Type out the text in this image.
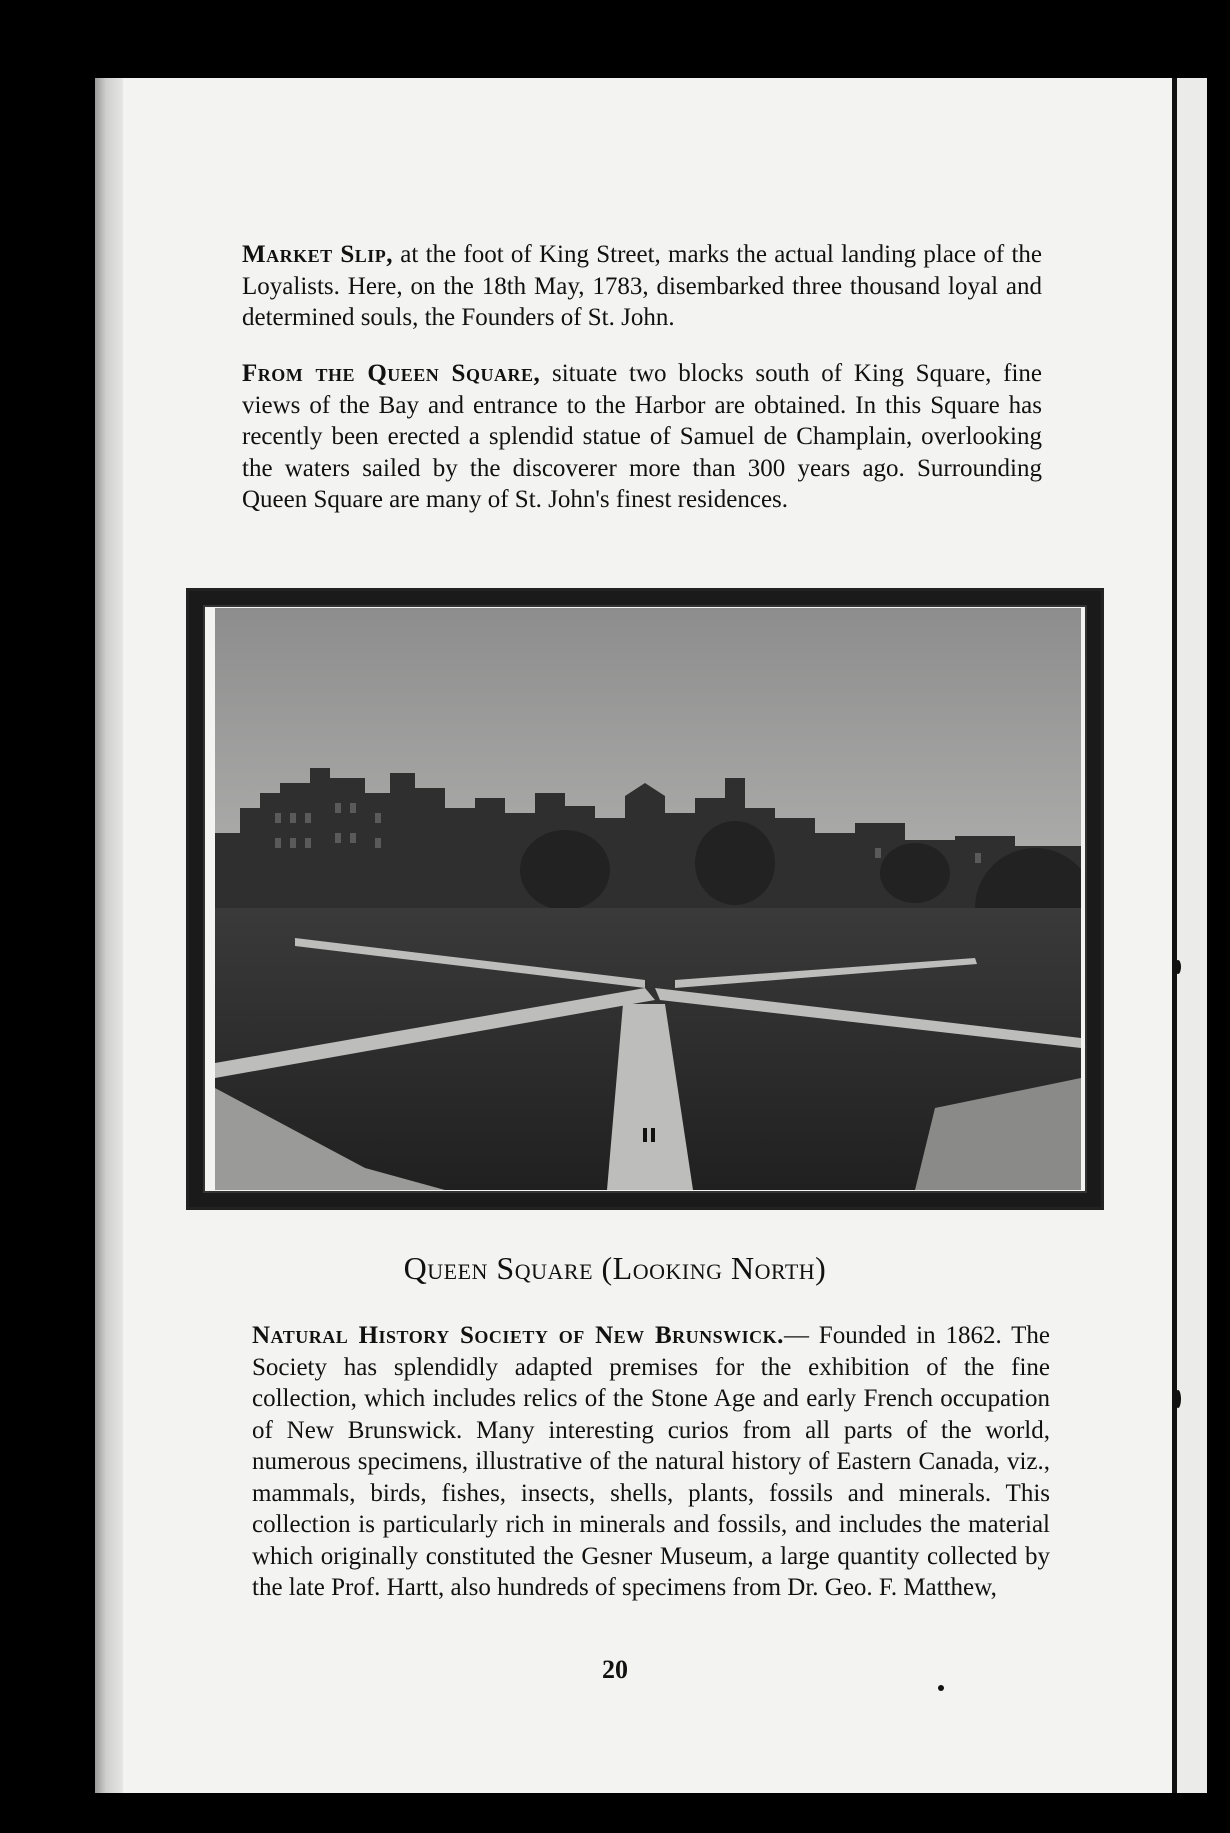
Market Slip, at the foot of King Street, marks the actual landing place of the Loyalists. Here, on the 18th May, 1783, disembarked three thousand loyal and determined souls, the Founders of St. John.

From the Queen Square, situate two blocks south of King Square, fine views of the Bay and entrance to the Harbor are obtained. In this Square has recently been erected a splendid statue of Samuel de Champlain, overlooking the waters sailed by the discoverer more than 300 years ago. Surrounding Queen Square are many of St. John's finest residences.

Queen Square (Looking North)

Natural History Society of New Brunswick.— Founded in 1862. The Society has splendidly adapted premises for the exhibition of the fine collection, which includes relics of the Stone Age and early French occupation of New Brunswick. Many interesting curios from all parts of the world, numerous specimens, illustrative of the natural history of Eastern Canada, viz., mammals, birds, fishes, insects, shells, plants, fossils and minerals. This collection is particularly rich in minerals and fossils, and includes the material which originally constituted the Gesner Museum, a large quantity collected by the late Prof. Hartt, also hundreds of specimens from Dr. Geo. F. Matthew,

20
